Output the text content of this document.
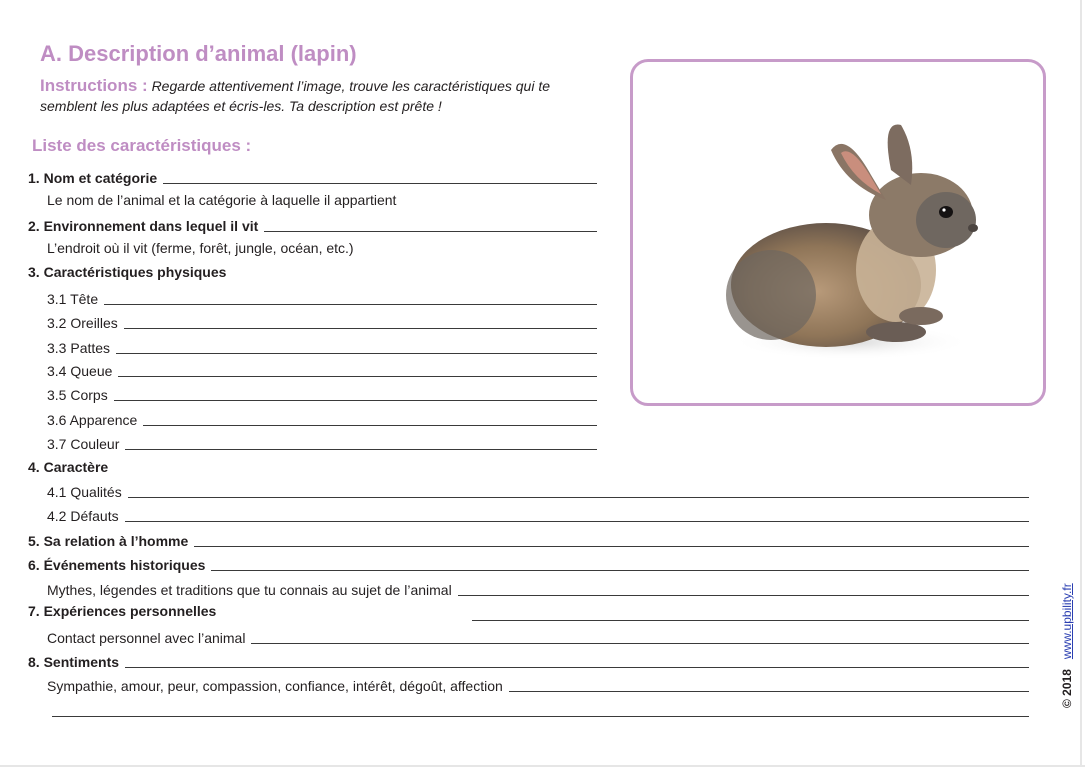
A. Description d’animal (lapin)
Instructions : Regarde attentivement l’image, trouve les caractéristiques qui te semblent les plus adaptées et écris-les. Ta description est prête !
Liste des caractéristiques :
1. Nom et catégorie
Le nom de l’animal et la catégorie à laquelle il appartient
2. Environnement dans lequel il vit
L’endroit où il vit (ferme, forêt, jungle, océan, etc.)
3. Caractéristiques physiques
3.1 Tête
3.2 Oreilles
3.3 Pattes
3.4 Queue
3.5 Corps
3.6 Apparence
3.7 Couleur
4. Caractère
4.1 Qualités
4.2 Défauts
5. Sa relation à l’homme
6. Événements historiques
Mythes, légendes et traditions que tu connais au sujet de l’animal
7. Expériences personnelles
Contact personnel avec l’animal
8. Sentiments
Sympathie, amour, peur, compassion, confiance, intérêt, dégoût, affection	© 2018   www.upbility.fr
